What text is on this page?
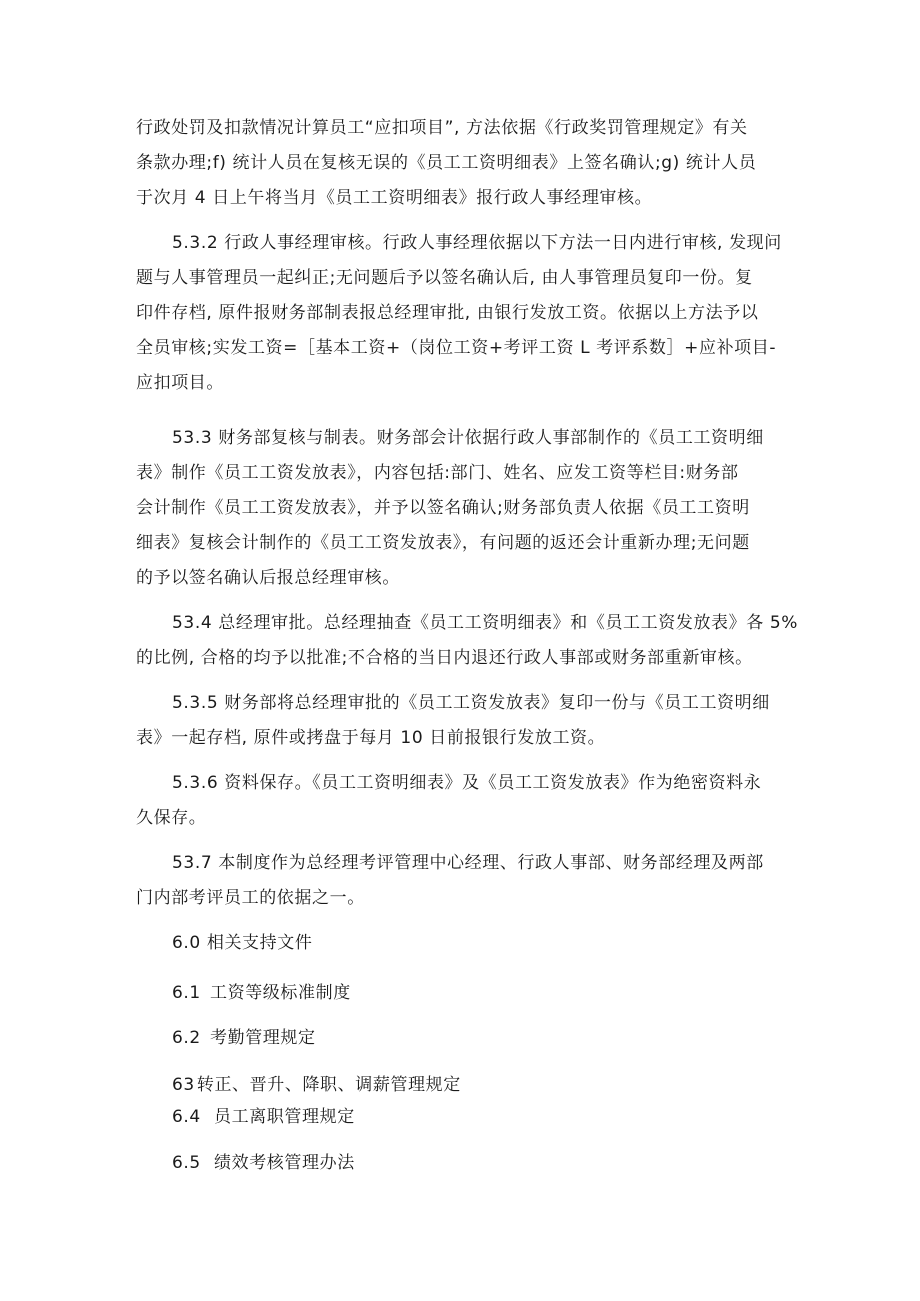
行政处罚及扣款情况计算员工“应扣项目”, 方法依据《行政奖罚管理规定》有关
条款办理;f) 统计人员在复核无误的《员工工资明细表》上签名确认;g) 统计人员
于次月 4 日上午将当月《员工工资明细表》报行政人事经理审核。
5.3.2 行政人事经理审核。行政人事经理依据以下方法一日内进行审核, 发现问
题与人事管理员一起纠正;无问题后予以签名确认后, 由人事管理员复印一份。复
印件存档, 原件报财务部制表报总经理审批, 由银行发放工资。依据以上方法予以
全员审核;实发工资=［基本工资+（岗位工资+考评工资 L 考评系数］+应补项目-
应扣项目。
53.3 财务部复核与制表。财务部会计依据行政人事部制作的《员工工资明细
表》制作《员工工资发放表》，内容包括:部门、姓名、应发工资等栏目:财务部
会计制作《员工工资发放表》，并予以签名确认;财务部负责人依据《员工工资明
细表》复核会计制作的《员工工资发放表》，有问题的返还会计重新办理;无问题
的予以签名确认后报总经理审核。
53.4 总经理审批。总经理抽查《员工工资明细表》和《员工工资发放表》各 5%
的比例, 合格的均予以批准;不合格的当日内退还行政人事部或财务部重新审核。
5.3.5 财务部将总经理审批的《员工工资发放表》复印一份与《员工工资明细
表》一起存档, 原件或拷盘于每月 10 日前报银行发放工资。
5.3.6 资料保存。《员工工资明细表》及《员工工资发放表》作为绝密资料永
久保存。
53.7 本制度作为总经理考评管理中心经理、行政人事部、财务部经理及两部
门内部考评员工的依据之一。
6.0 相关支持文件
6.1 工资等级标准制度
6.2 考勤管理规定
63 转正、晋升、降职、调薪管理规定
6.4 员工离职管理规定
6.5 绩效考核管理办法
